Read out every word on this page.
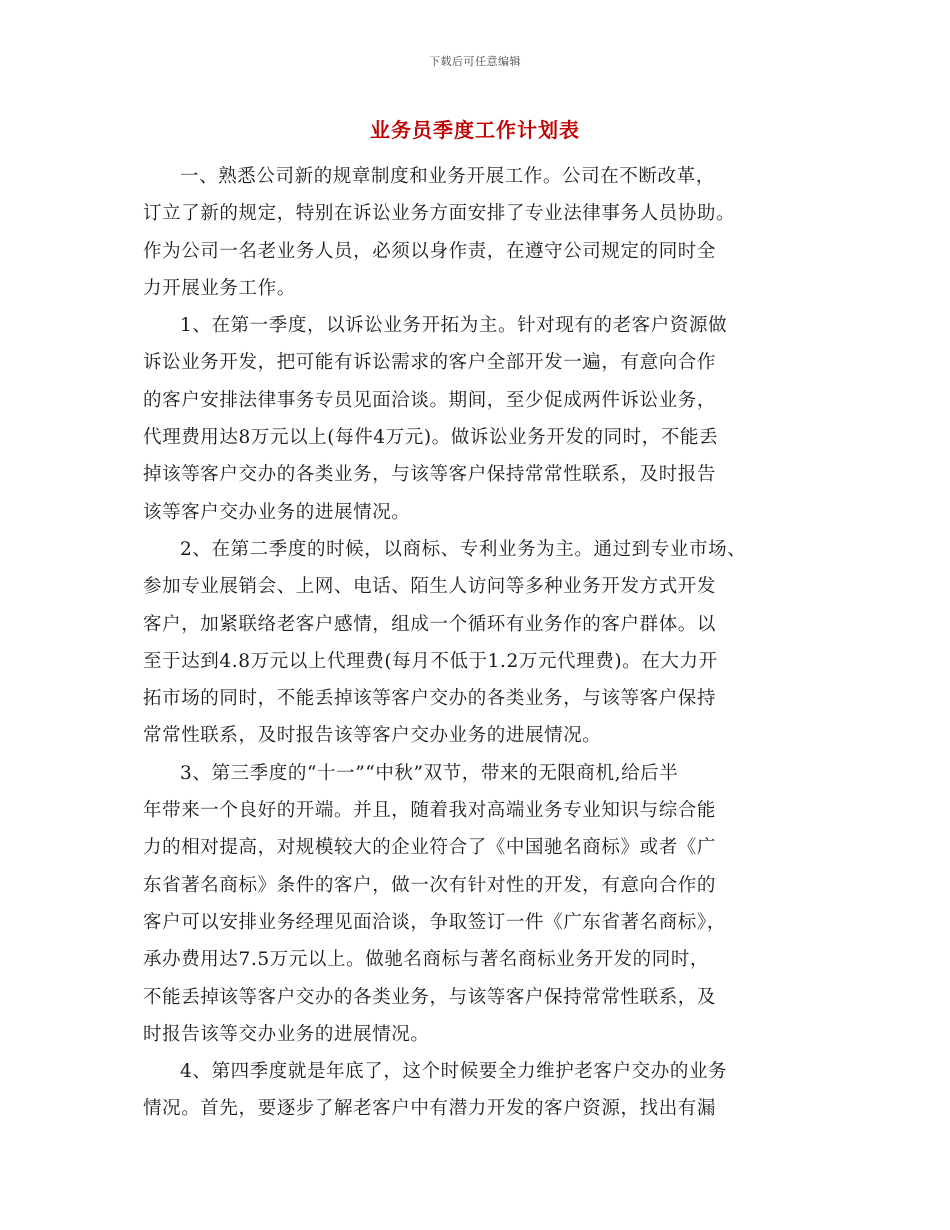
下载后可任意编辑
业务员季度工作计划表
一、熟悉公司新的规章制度和业务开展工作。公司在不断改革，
订立了新的规定，特别在诉讼业务方面安排了专业法律事务人员协助。
作为公司一名老业务人员，必须以身作责，在遵守公司规定的同时全
力开展业务工作。
1、在第一季度，以诉讼业务开拓为主。针对现有的老客户资源做
诉讼业务开发，把可能有诉讼需求的客户全部开发一遍，有意向合作
的客户安排法律事务专员见面洽谈。期间，至少促成两件诉讼业务，
代理费用达8万元以上(每件4万元)。做诉讼业务开发的同时，不能丢
掉该等客户交办的各类业务，与该等客户保持常常性联系，及时报告
该等客户交办业务的进展情况。
2、在第二季度的时候，以商标、专利业务为主。通过到专业市场、
参加专业展销会、上网、电话、陌生人访问等多种业务开发方式开发
客户，加紧联络老客户感情，组成一个循环有业务作的客户群体。以
至于达到4.8万元以上代理费(每月不低于1.2万元代理费)。在大力开
拓市场的同时，不能丢掉该等客户交办的各类业务，与该等客户保持
常常性联系，及时报告该等客户交办业务的进展情况。
3、第三季度的“十一”“中秋”双节，带来的无限商机,给后半
年带来一个良好的开端。并且，随着我对高端业务专业知识与综合能
力的相对提高，对规模较大的企业符合了《中国驰名商标》或者《广
东省著名商标》条件的客户，做一次有针对性的开发，有意向合作的
客户可以安排业务经理见面洽谈，争取签订一件《广东省著名商标》，
承办费用达7.5万元以上。做驰名商标与著名商标业务开发的同时，
不能丢掉该等客户交办的各类业务，与该等客户保持常常性联系，及
时报告该等交办业务的进展情况。
4、第四季度就是年底了，这个时候要全力维护老客户交办的业务
情况。首先，要逐步了解老客户中有潜力开发的客户资源，找出有漏
